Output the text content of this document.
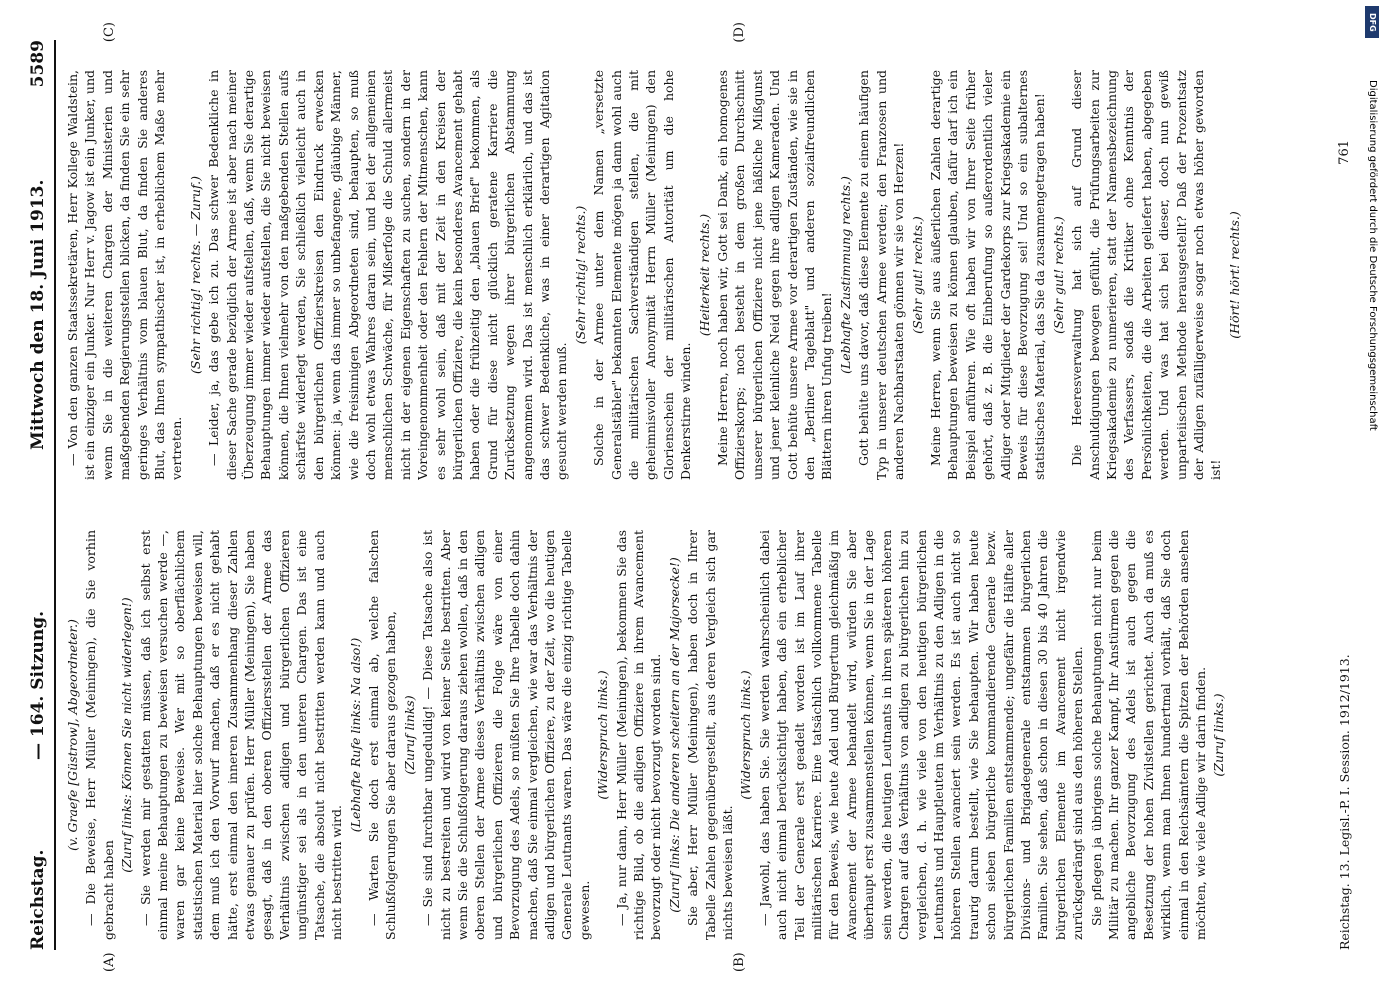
Reichstag.
— 164. Sitzung.
Mittwoch den 18. Juni 1913.
5589
(A)	(B)
(C)	(D)

(v. Graefe [Güstrow], Abgeordneter.) — Die Beweise, Herr Müller (Meiningen), die Sie vorhin gebracht haben

(Zuruf links: Können Sie nicht widerlegen!) — Sie werden mir gestatten müssen, daß ich selbst erst einmal meine Behauptungen zu beweisen versuchen werde —, waren gar keine Beweise. Wer mit so oberflächlichem statistischen Material hier solche Behauptungen beweisen will, dem muß ich den Vorwurf machen, daß er es nicht gehabt hätte, erst einmal den inneren Zusammenhang dieser Zahlen etwas genauer zu prüfen. Herr Müller (Meiningen), Sie haben gesagt, daß in den oberen Offiziersstellen der Armee das Verhältnis zwischen adligen und bürgerlichen Offizieren ungünstiger sei als in den unteren Chargen. Das ist eine Tatsache, die absolut nicht bestritten werden kann und auch nicht bestritten wird.

(Lebhafte Rufe links: Na also!) — Warten Sie doch erst einmal ab, welche falschen Schlußfolgerungen Sie aber daraus gezogen haben, (Zuruf links) — Sie sind furchtbar ungeduldig! — Diese Tatsache also ist nicht zu bestreiten und wird von keiner Seite bestritten. Aber wenn Sie die Schlußfolgerung daraus ziehen wollen, daß in den oberen Stellen der Armee dieses Verhältnis zwischen adligen und bürgerlichen Offizieren die Folge wäre von einer Bevorzugung des Adels, so müßten Sie Ihre Tabelle doch dahin machen, daß Sie einmal vergleichen, wie war das Verhältnis der adligen und bürgerlichen Offiziere, zu der Zeit, wo die heutigen Generale Leutnants waren. Das wäre die einzig richtige Tabelle gewesen.

(Widerspruch links.) — Ja, nur dann, Herr Müller (Meiningen), bekommen Sie das richtige Bild, ob die adligen Offiziere in ihrem Avancement bevorzugt oder nicht bevorzugt worden sind. (Zuruf links: Die anderen scheitern an der Majorsecke!) Sie aber, Herr Müller (Meiningen), haben doch in Ihrer Tabelle Zahlen gegenübergestellt, aus deren Vergleich sich gar nichts beweisen läßt.

(Widerspruch links.) — Jawohl, das haben Sie. Sie werden wahrscheinlich dabei auch nicht einmal berücksichtigt haben, daß ein erheblicher Teil der Generale erst geadelt worden ist im Lauf ihrer militärischen Karriere. Eine tatsächlich vollkommene Tabelle für den Beweis, wie heute Adel und Bürgertum gleichmäßig im Avancement der Armee behandelt wird, würden Sie aber überhaupt erst zusammenstellen können, wenn Sie in der Lage sein werden, die heutigen Leutnants in ihren späteren höheren Chargen auf das Verhältnis von adligen zu bürgerlichen hin zu vergleichen, d. h. wie viele von den heutigen bürgerlichen Leutnants und Hauptleuten im Verhältnis zu den Adligen in die höheren Stellen avanciert sein werden. Es ist auch nicht so traurig darum bestellt, wie Sie behaupten. Wir haben heute schon sieben bürgerliche kommandierende Generale bezw. bürgerlichen Familien entstammende; ungefähr die Hälfte aller Divisions- und Brigadegenerale entstammen bürgerlichen Familien. Sie sehen, daß schon in diesen 30 bis 40 Jahren die bürgerlichen Elemente im Avancement nicht irgendwie zurückgedrängt sind aus den höheren Stellen. Sie pflegen ja übrigens solche Behauptungen nicht nur beim Militär zu machen. Ihr ganzer Kampf, Ihr Anstürmen gegen die angebliche Bevorzugung des Adels ist auch gegen die Besetzung der hohen Zivilstellen gerichtet. Auch da muß es wirklich, wenn man Ihnen hundertmal vorhält, daß Sie doch einmal in den Reichsämtern die Spitzen der Behörden ansehen möchten, wie viele Adlige wir darin finden. (Zuruf links.)

— Von den ganzen Staatssekretären, Herr Kollege Waldstein, ist ein einziger ein Junker. Nur Herr v. Jagow ist ein Junker, und wenn Sie in die weiteren Chargen der Ministerien und maßgebenden Regierungsstellen blicken, da finden Sie ein sehr geringes Verhältnis vom blauen Blut, da finden Sie anderes Blut, das Ihnen sympathischer ist, in erheblichem Maße mehr vertreten.

(Sehr richtig! rechts. — Zuruf.) — Leider, ja, das gebe ich zu. Das schwer Bedenkliche in dieser Sache gerade bezüglich der Armee ist aber nach meiner Überzeugung immer wieder aufstellen, daß, wenn Sie derartige Behauptungen immer wieder aufstellen, die Sie nicht beweisen können, die Ihnen vielmehr von den maßgebenden Stellen aufs schärfste widerlegt werden, Sie schließlich vielleicht auch in den bürgerlichen Offizierskreisen den Eindruck erwecken können: ja, wenn das immer so unbefangene, gläubige Männer, wie die freisinnigen Abgeordneten sind, behaupten, so muß doch wohl etwas Wahres daran sein, und bei der allgemeinen menschlichen Schwäche, für Mißerfolge die Schuld allermeist nicht in der eigenen Eigenschaften zu suchen, sondern in der Voreingenommenheit oder den Fehlern der Mitmenschen, kann es sehr wohl sein, daß mit der Zeit in den Kreisen der bürgerlichen Offiziere, die kein besonderes Avancement gehabt haben oder die frühzeitig den „blauen Brief" bekommen, als Grund für diese nicht glücklich geratene Karriere die Zurücksetzung wegen ihrer bürgerlichen Abstammung angenommen wird. Das ist menschlich erklärlich, und das ist das schwer Bedenkliche, was in einer derartigen Agitation gesucht werden muß.

(Sehr richtig! rechts.) Solche in der Armee unter dem Namen „versetzte Generalstäbler" bekannten Elemente mögen ja dann wohl auch die militärischen Sachverständigen stellen, die mit geheimnisvoller Anonymität Herrn Müller (Meiningen) den Glorienschein der militärischen Autorität um die hohe Denkerstirne winden.

(Heiterkeit rechts.) Meine Herren, noch haben wir, Gott sei Dank, ein homogenes Offizierskorps; noch besteht in dem großen Durchschnitt unserer bürgerlichen Offiziere nicht jene häßliche Mißgunst und jener kleinliche Neid gegen ihre adligen Kameraden. Und Gott behüte unsere Armee vor derartigen Zuständen, wie sie in den „Berliner Tageblatt" und anderen sozialfreundlichen Blättern ihren Unfug treiben!

(Lebhafte Zustimmung rechts.) Gott behüte uns davor, daß diese Elemente zu einem häufigen Typ in unserer deutschen Armee werden; den Franzosen und anderen Nachbarstaaten gönnen wir sie von Herzen! (Sehr gut! rechts.) Meine Herren, wenn Sie aus äußerlichen Zahlen derartige Behauptungen beweisen zu können glauben, dafür darf ich ein Beispiel anführen. Wie oft haben wir von Ihrer Seite früher gehört, daß z. B. die Einberufung so außerordentlich vieler Adliger oder Mitglieder der Gardekorps zur Kriegsakademie ein Beweis für diese Bevorzugung sei! Und so ein subalternes statistisches Material, das Sie da zusammengetragen haben! (Sehr gut! rechts.) Die Heeresverwaltung hat sich auf Grund dieser Anschuldigungen bewogen gefühlt, die Prüfungsarbeiten zur Kriegsakademie zu numerieren, statt der Namensbezeichnung des Verfassers, sodaß die Kritiker ohne Kenntnis der Persönlichkeiten, die die Arbeiten geliefert haben, abgegeben werden. Und was hat sich bei dieser, doch nun gewiß unparteiischen Methode herausgestellt? Daß der Prozentsatz der Adligen zufälligerweise sogar noch etwas höher geworden ist!

(Hört! hört! rechts.)

Reichstag. 13. Legisl.-P. I. Session. 1912/1913.
761 Digitalisierung gefördert durch die Deutsche Forschungsgemeinschaft
DFG
